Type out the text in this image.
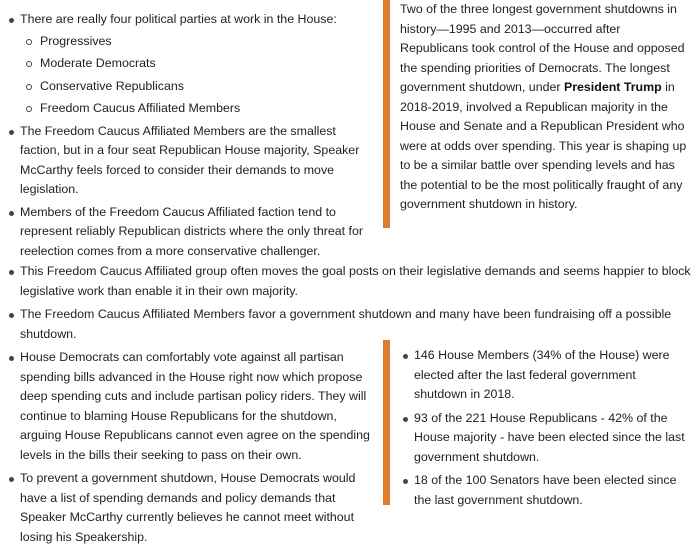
There are really four political parties at work in the House:
Progressives
Moderate Democrats
Conservative Republicans
Freedom Caucus Affiliated Members
The Freedom Caucus Affiliated Members are the smallest faction, but in a four seat Republican House majority, Speaker McCarthy feels forced to consider their demands to move legislation.
Members of the Freedom Caucus Affiliated faction tend to represent reliably Republican districts where the only threat for reelection comes from a more conservative challenger.
Two of the three longest government shutdowns in history—1995 and 2013—occurred after Republicans took control of the House and opposed the spending priorities of Democrats. The longest government shutdown, under President Trump in 2018-2019, involved a Republican majority in the House and Senate and a Republican President who were at odds over spending. This year is shaping up to be a similar battle over spending levels and has the potential to be the most politically fraught of any government shutdown in history.
This Freedom Caucus Affiliated group often moves the goal posts on their legislative demands and seems happier to block legislative work than enable it in their own majority.
The Freedom Caucus Affiliated Members favor a government shutdown and many have been fundraising off a possible shutdown.
House Democrats can comfortably vote against all partisan spending bills advanced in the House right now which propose deep spending cuts and include partisan policy riders. They will continue to blaming House Republicans for the shutdown, arguing House Republicans cannot even agree on the spending levels in the bills their seeking to pass on their own.
To prevent a government shutdown, House Democrats would have a list of spending demands and policy demands that Speaker McCarthy currently believes he cannot meet without losing his Speakership.
146 House Members (34% of the House) were elected after the last federal government shutdown in 2018.
93 of the 221 House Republicans - 42% of the House majority - have been elected since the last government shutdown.
18 of the 100 Senators have been elected since the last government shutdown.
